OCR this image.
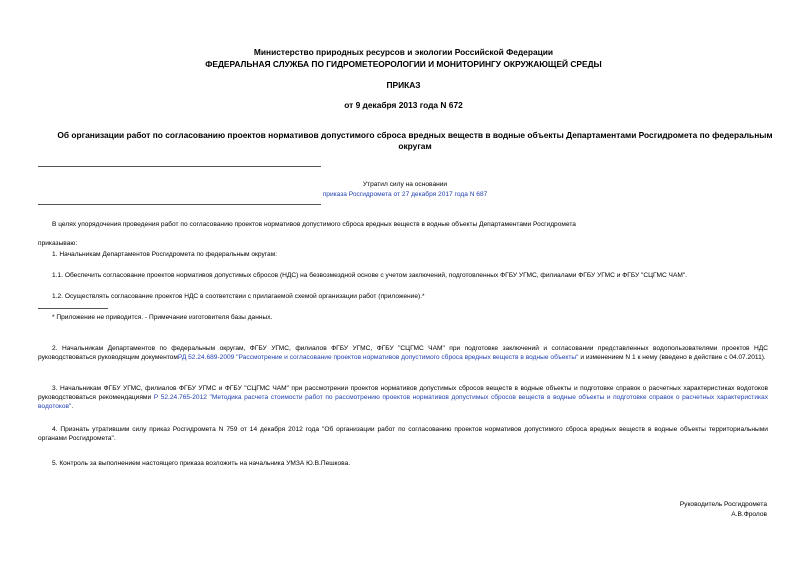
Министерство природных ресурсов и экологии Российской Федерации
ФЕДЕРАЛЬНАЯ СЛУЖБА ПО ГИДРОМЕТЕОРОЛОГИИ И МОНИТОРИНГУ ОКРУЖАЮЩЕЙ СРЕДЫ
ПРИКАЗ
от 9 декабря 2013 года N 672
Об организации работ по согласованию проектов нормативов допустимого сброса вредных веществ в водные объекты Департаментами Росгидромета по федеральным округам
Утратил силу на основании
приказа Росгидромета от 27 декабря 2017 года N 687
В целях упорядочения проведения работ по согласованию проектов нормативов допустимого сброса вредных веществ в водные объекты Департаментами Росгидромета
приказываю:
1. Начальникам Департаментов Росгидромета по федеральным округам:
1.1. Обеспечить согласование проектов нормативов допустимых сбросов (НДС) на безвозмездной основе с учетом заключений, подготовленных ФГБУ УГМС, филиалами ФГБУ УГМС и ФГБУ "СЦГМС ЧАМ".
1.2. Осуществлять согласование проектов НДС в соответствии с прилагаемой схемой организации работ (приложение).*
* Приложение не приводится. - Примечание изготовителя базы данных.
2. Начальникам Департаментов по федеральным округам, ФГБУ УГМС, филиалов ФГБУ УГМС, ФГБУ "СЦГМС ЧАМ" при подготовке заключений и согласовании представленных водопользователями проектов НДС руководствоваться руководящим документомРД 52.24.689-2009 "Рассмотрение и согласование проектов нормативов допустимого сброса вредных веществ в водные объекты" и изменением N 1 к нему (введено в действие с 04.07.2011).
3. Начальникам ФГБУ УГМС, филиалов ФГБУ УГМС и ФГБУ "СЦГМС ЧАМ" при рассмотрении проектов нормативов допустимых сбросов веществ в водные объекты и подготовке справок о расчетных характеристиках водотоков руководствоваться рекомендациями Р 52.24.765-2012 "Методика расчета стоимости работ по рассмотрению проектов нормативов допустимых сбросов веществ в водные объекты и подготовке справок о расчетных характеристиках водотоков".
4. Признать утратившим силу приказ Росгидромета N 759 от 14 декабря 2012 года "Об организации работ по согласованию проектов нормативов допустимого сброса вредных веществ в водные объекты территориальными органами Росгидромета".
5. Контроль за выполнением настоящего приказа возложить на начальника УМЗА Ю.В.Пешкова.
Руководитель Росгидромета
А.В.Фролов
